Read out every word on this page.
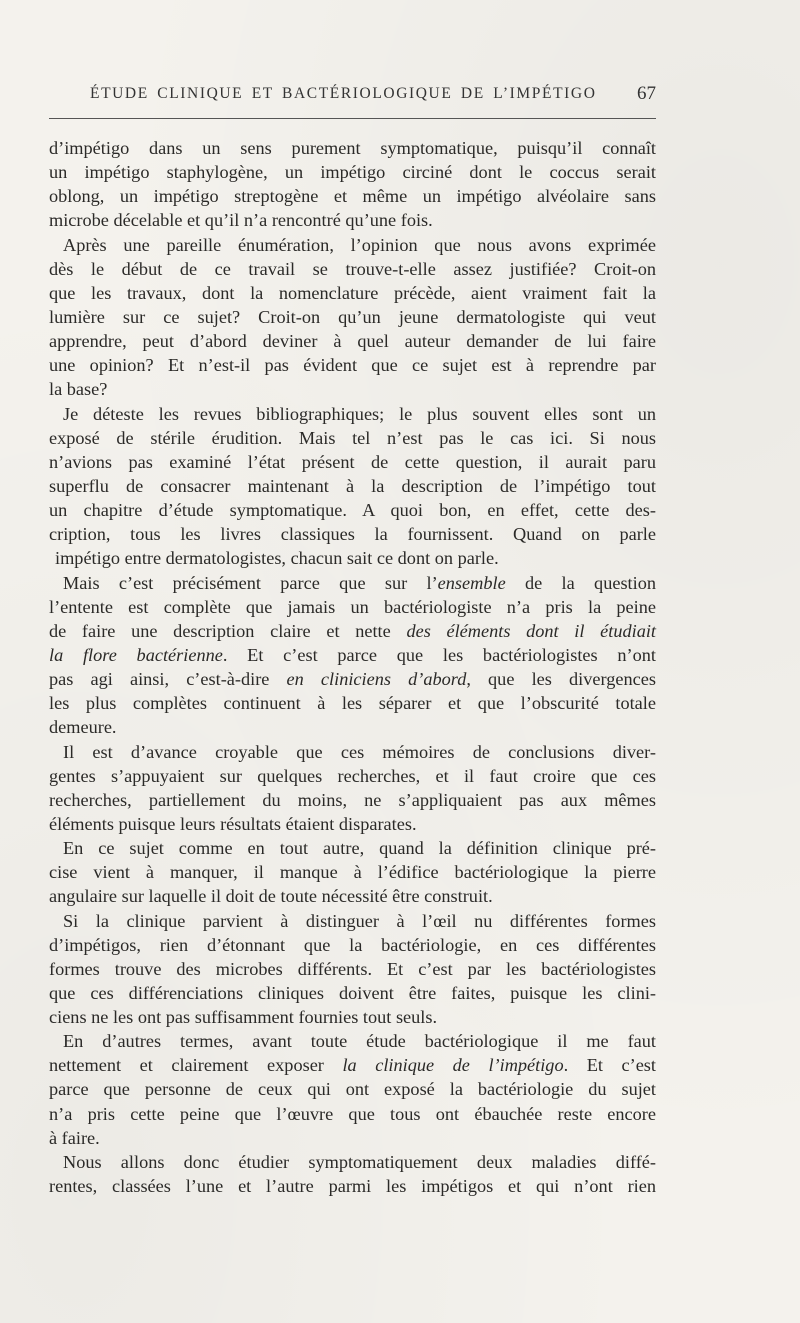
ÉTUDE CLINIQUE ET BACTÉRIOLOGIQUE DE L’IMPÉTIGO 67
d’impétigo dans un sens purement symptomatique, puisqu’il connaît
un impétigo staphylogène, un impétigo circiné dont le coccus serait
oblong, un impétigo streptogène et même un impétigo alvéolaire sans
microbe décelable et qu’il n’a rencontré qu’une fois.
Après une pareille énumération, l’opinion que nous avons exprimée
dès le début de ce travail se trouve-t-elle assez justifiée? Croit-on
que les travaux, dont la nomenclature précède, aient vraiment fait la
lumière sur ce sujet? Croit-on qu’un jeune dermatologiste qui veut
apprendre, peut d’abord deviner à quel auteur demander de lui faire
une opinion? Et n’est-il pas évident que ce sujet est à reprendre par
la base?
Je déteste les revues bibliographiques; le plus souvent elles sont un
exposé de stérile érudition. Mais tel n’est pas le cas ici. Si nous
n’avions pas examiné l’état présent de cette question, il aurait paru
superflu de consacrer maintenant à la description de l’impétigo tout
un chapitre d’étude symptomatique. A quoi bon, en effet, cette des-
cription, tous les livres classiques la fournissent. Quand on parle
impétigo entre dermatologistes, chacun sait ce dont on parle.
Mais c’est précisément parce que sur l’ensemble de la question
l’entente est complète que jamais un bactériologiste n’a pris la peine
de faire une description claire et nette des éléments dont il étudiait
la flore bactérienne. Et c’est parce que les bactériologistes n’ont
pas agi ainsi, c’est-à-dire en cliniciens d’abord, que les divergences
les plus complètes continuent à les séparer et que l’obscurité totale
demeure.
Il est d’avance croyable que ces mémoires de conclusions diver-
gentes s’appuyaient sur quelques recherches, et il faut croire que ces
recherches, partiellement du moins, ne s’appliquaient pas aux mêmes
éléments puisque leurs résultats étaient disparates.
En ce sujet comme en tout autre, quand la définition clinique pré-
cise vient à manquer, il manque à l’édifice bactériologique la pierre
angulaire sur laquelle il doit de toute nécessité être construit.
Si la clinique parvient à distinguer à l’œil nu différentes formes
d’impétigos, rien d’étonnant que la bactériologie, en ces différentes
formes trouve des microbes différents. Et c’est par les bactériologistes
que ces différenciations cliniques doivent être faites, puisque les clini-
ciens ne les ont pas suffisamment fournies tout seuls.
En d’autres termes, avant toute étude bactériologique il me faut
nettement et clairement exposer la clinique de l’impétigo. Et c’est
parce que personne de ceux qui ont exposé la bactériologie du sujet
n’a pris cette peine que l’œuvre que tous ont ébauchée reste encore
à faire.
Nous allons donc étudier symptomatiquement deux maladies diffé-
rentes, classées l’une et l’autre parmi les impétigos et qui n’ont rien
